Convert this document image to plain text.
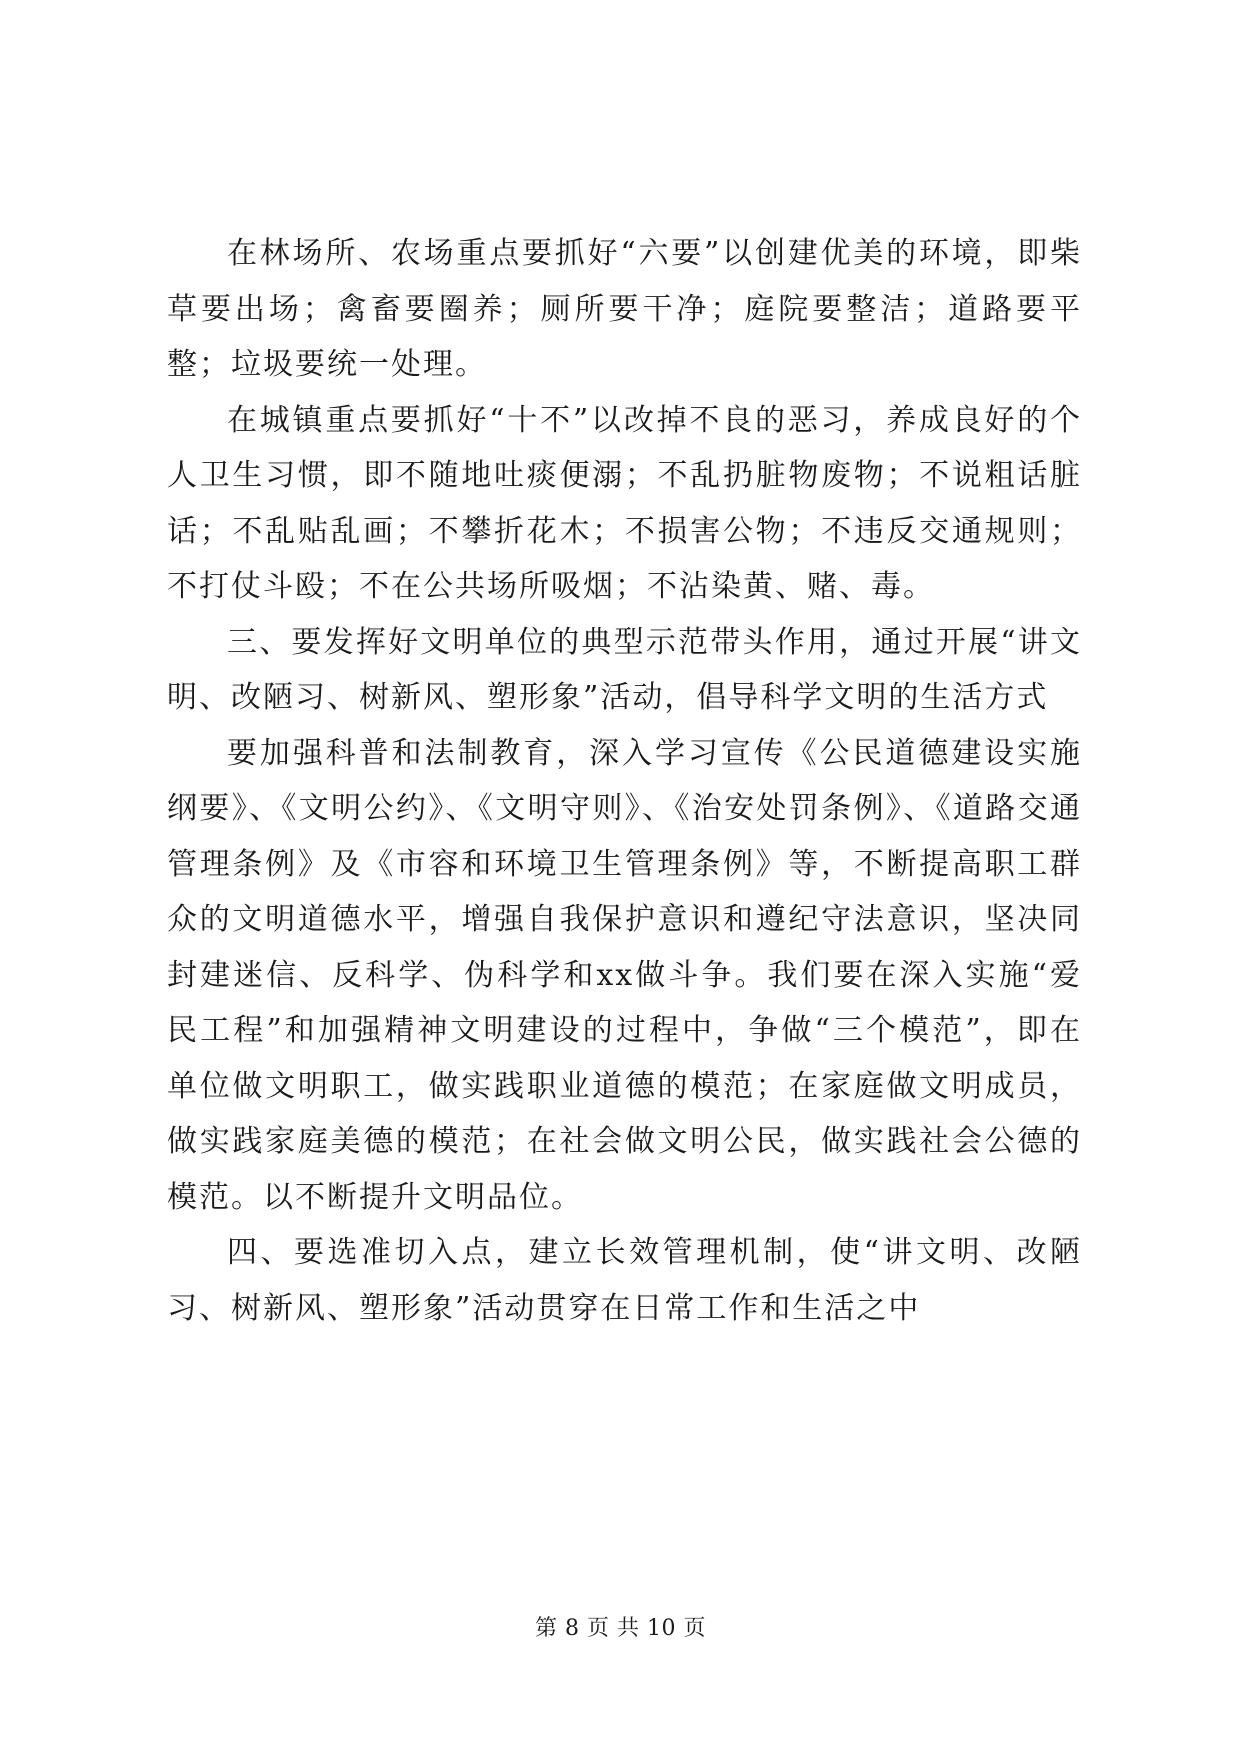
在林场所、农场重点要抓好“六要”以创建优美的环境，即柴草要出场；禽畜要圈养；厕所要干净；庭院要整洁；道路要平整；垃圾要统一处理。

在城镇重点要抓好“十不”以改掉不良的恶习，养成良好的个人卫生习惯，即不随地吐痰便溺；不乱扔脏物废物；不说粗话脏话；不乱贴乱画；不攀折花木；不损害公物；不违反交通规则；不打仗斗殴；不在公共场所吸烟；不沾染黄、赌、毒。

三、要发挥好文明单位的典型示范带头作用，通过开展“讲文明、改陋习、树新风、塑形象”活动，倡导科学文明的生活方式

要加强科普和法制教育，深入学习宣传《公民道德建设实施纲要》、《文明公约》、《文明守则》、《治安处罚条例》、《道路交通管理条例》及《市容和环境卫生管理条例》等，不断提高职工群众的文明道德水平，增强自我保护意识和遵纪守法意识，坚决同封建迷信、反科学、伪科学和xx做斗争。我们要在深入实施“爱民工程”和加强精神文明建设的过程中，争做“三个模范”，即在单位做文明职工，做实践职业道德的模范；在家庭做文明成员，做实践家庭美德的模范；在社会做文明公民，做实践社会公德的模范。以不断提升文明品位。

四、要选准切入点，建立长效管理机制，使“讲文明、改陋习、树新风、塑形象”活动贯穿在日常工作和生活之中

第 8 页 共 10 页
